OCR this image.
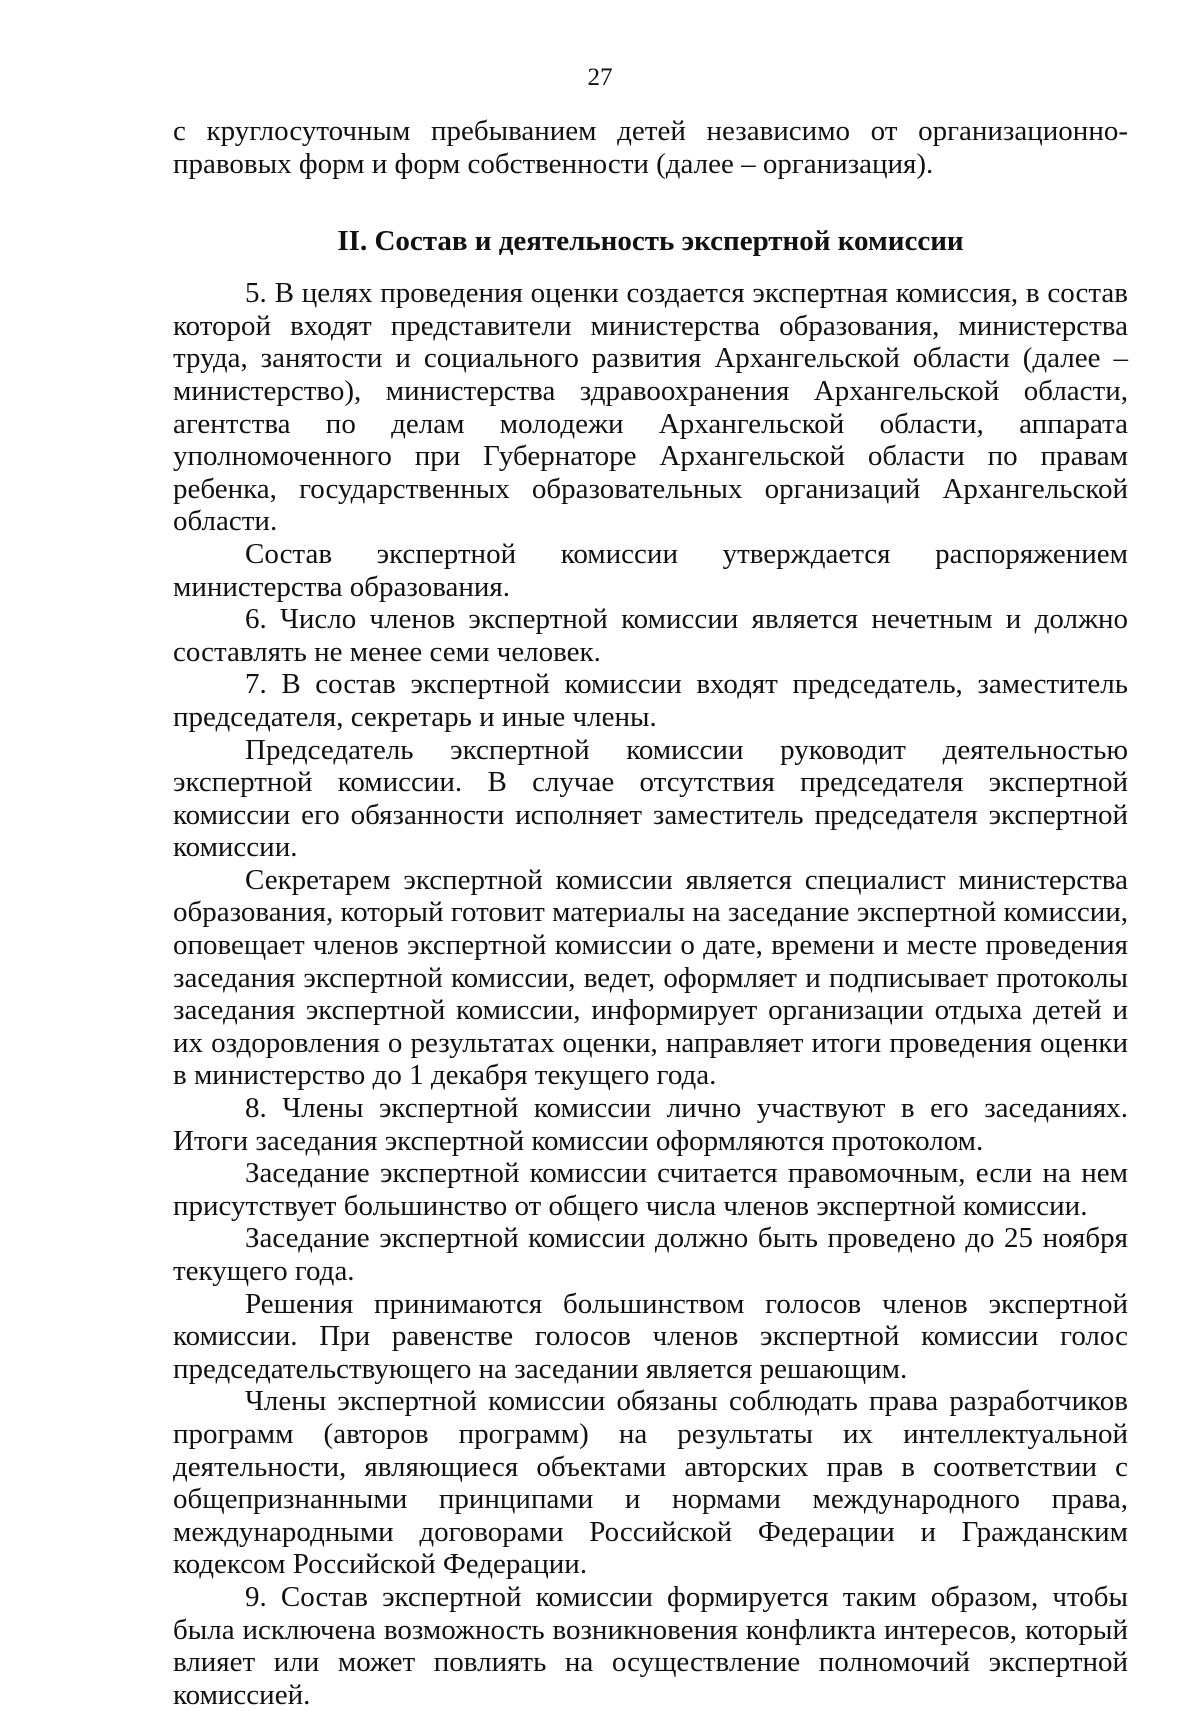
27

с круглосуточным пребыванием детей независимо от организационно-правовых форм и форм собственности (далее – организация).

II. Состав и деятельность экспертной комиссии

5. В целях проведения оценки создается экспертная комиссия, в состав которой входят представители министерства образования, министерства труда, занятости и социального развития Архангельской области (далее – министерство), министерства здравоохранения Архангельской области, агентства по делам молодежи Архангельской области, аппарата уполномоченного при Губернаторе Архангельской области по правам ребенка, государственных образовательных организаций Архангельской области.

Состав экспертной комиссии утверждается распоряжением министерства образования.

6. Число членов экспертной комиссии является нечетным и должно составлять не менее семи человек.

7. В состав экспертной комиссии входят председатель, заместитель председателя, секретарь и иные члены.

Председатель экспертной комиссии руководит деятельностью экспертной комиссии. В случае отсутствия председателя экспертной комиссии его обязанности исполняет заместитель председателя экспертной комиссии.

Секретарем экспертной комиссии является специалист министерства образования, который готовит материалы на заседание экспертной комиссии, оповещает членов экспертной комиссии о дате, времени и месте проведения заседания экспертной комиссии, ведет, оформляет и подписывает протоколы заседания экспертной комиссии, информирует организации отдыха детей и их оздоровления о результатах оценки, направляет итоги проведения оценки в министерство до 1 декабря текущего года.

8. Члены экспертной комиссии лично участвуют в его заседаниях. Итоги заседания экспертной комиссии оформляются протоколом.

Заседание экспертной комиссии считается правомочным, если на нем присутствует большинство от общего числа членов экспертной комиссии.

Заседание экспертной комиссии должно быть проведено до 25 ноября текущего года.

Решения принимаются большинством голосов членов экспертной комиссии. При равенстве голосов членов экспертной комиссии голос председательствующего на заседании является решающим.

Члены экспертной комиссии обязаны соблюдать права разработчиков программ (авторов программ) на результаты их интеллектуальной деятельности, являющиеся объектами авторских прав в соответствии с общепризнанными принципами и нормами международного права, международными договорами Российской Федерации и Гражданским кодексом Российской Федерации.

9. Состав экспертной комиссии формируется таким образом, чтобы была исключена возможность возникновения конфликта интересов, который влияет или может повлиять на осуществление полномочий экспертной комиссией.
